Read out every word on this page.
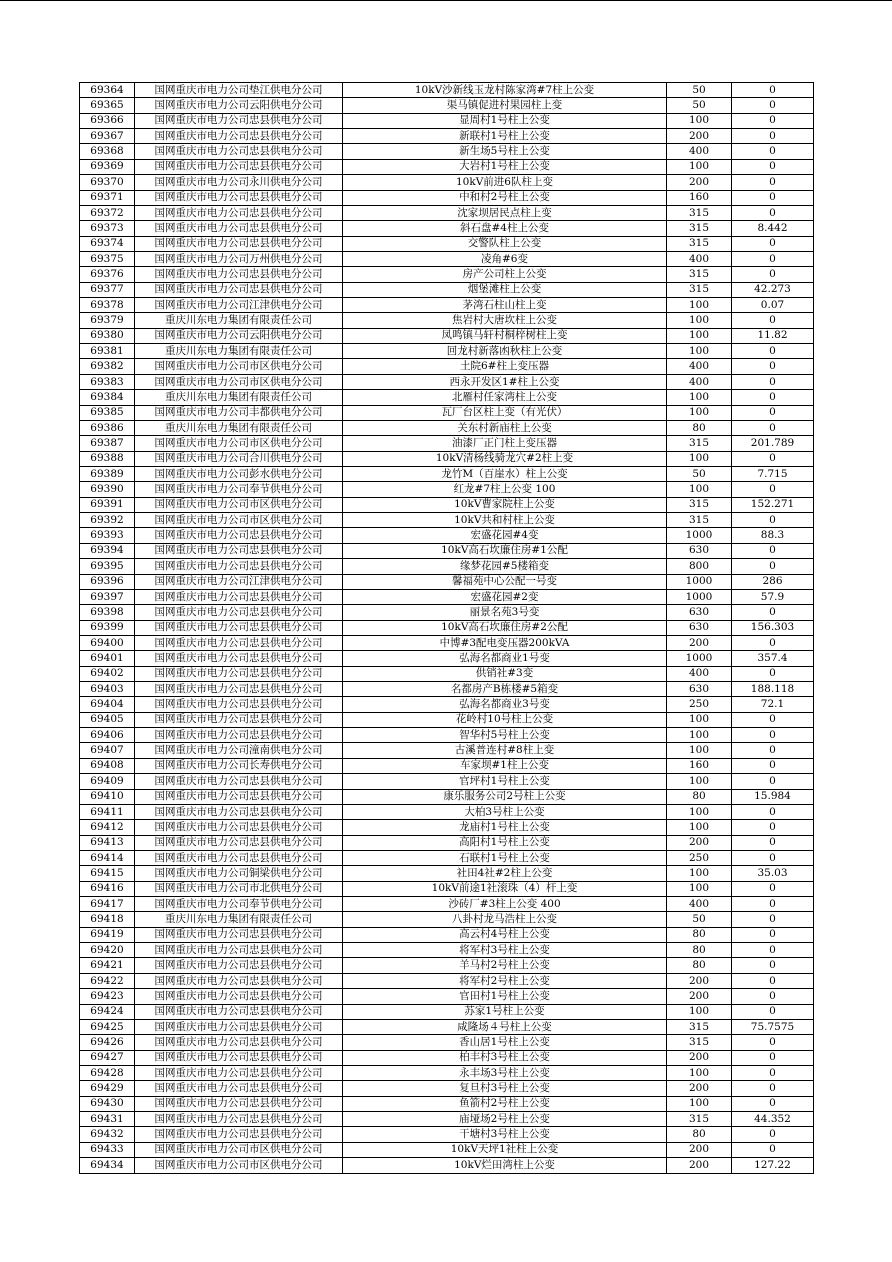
69364	国网重庆市电力公司垫江供电分公司	10kV沙新线玉龙村陈家湾#7柱上公变	50	0
69365	国网重庆市电力公司云阳供电分公司	渠马镇促进村果园柱上变	50	0
69366	国网重庆市电力公司忠县供电分公司	显周村1号柱上公变	100	0
69367	国网重庆市电力公司忠县供电分公司	新联村1号柱上公变	200	0
69368	国网重庆市电力公司忠县供电分公司	新生场5号柱上公变	400	0
69369	国网重庆市电力公司忠县供电分公司	大岩村1号柱上公变	100	0
69370	国网重庆市电力公司永川供电分公司	10kV前进6队柱上变	200	0
69371	国网重庆市电力公司忠县供电分公司	中和村2号柱上公变	160	0
69372	国网重庆市电力公司忠县供电分公司	沈家坝居民点柱上变	315	0
69373	国网重庆市电力公司忠县供电分公司	斜石盘#4柱上公变	315	8.442
69374	国网重庆市电力公司忠县供电分公司	交警队柱上公变	315	0
69375	国网重庆市电力公司万州供电分公司	凌角#6变	400	0
69376	国网重庆市电力公司忠县供电分公司	房产公司柱上公变	315	0
69377	国网重庆市电力公司忠县供电分公司	烟堡滩柱上公变	315	42.273
69378	国网重庆市电力公司江津供电分公司	茅湾石柱山柱上变	100	0.07
69379	重庆川东电力集团有限责任公司	焦岩村大唐坎柱上公变	100	0
69380	国网重庆市电力公司云阳供电分公司	凤鸣镇马轩村桐梓树柱上变	100	11.82
69381	重庆川东电力集团有限责任公司	回龙村新落凼秋柱上公变	100	0
69382	国网重庆市电力公司市区供电分公司	土院6#柱上变压器	400	0
69383	国网重庆市电力公司市区供电分公司	西永开发区1#柱上公变	400	0
69384	重庆川东电力集团有限责任公司	北雁村任家湾柱上公变	100	0
69385	国网重庆市电力公司丰都供电分公司	瓦厂台区柱上变（有光伏）	100	0
69386	重庆川东电力集团有限责任公司	关东村新庙柱上公变	80	0
69387	国网重庆市电力公司市区供电分公司	油漆厂正门柱上变压器	315	201.789
69388	国网重庆市电力公司合川供电分公司	10kV清杨线骑龙穴#2柱上变	100	0
69389	国网重庆市电力公司彭水供电分公司	龙竹M（百崖水）柱上公变	50	7.715
69390	国网重庆市电力公司奉节供电分公司	红龙#7柱上公变 100	100	0
69391	国网重庆市电力公司市区供电分公司	10kV曹家院柱上公变	315	152.271
69392	国网重庆市电力公司市区供电分公司	10kV共和村柱上公变	315	0
69393	国网重庆市电力公司忠县供电分公司	宏盛花园#4变	1000	88.3
69394	国网重庆市电力公司忠县供电分公司	10kV高石坎廉住房#1公配	630	0
69395	国网重庆市电力公司忠县供电分公司	缘梦花园#5楼箱变	800	0
69396	国网重庆市电力公司江津供电分公司	馨福苑中心公配一号变	1000	286
69397	国网重庆市电力公司忠县供电分公司	宏盛花园#2变	1000	57.9
69398	国网重庆市电力公司忠县供电分公司	丽景名苑3号变	630	0
69399	国网重庆市电力公司忠县供电分公司	10kV高石坎廉住房#2公配	630	156.303
69400	国网重庆市电力公司忠县供电分公司	中博#3配电变压器200kVA	200	0
69401	国网重庆市电力公司忠县供电分公司	弘海名都商业1号变	1000	357.4
69402	国网重庆市电力公司忠县供电分公司	供销社#3变	400	0
69403	国网重庆市电力公司忠县供电分公司	名都房产B栋楼#5箱变	630	188.118
69404	国网重庆市电力公司忠县供电分公司	弘海名都商业3号变	250	72.1
69405	国网重庆市电力公司忠县供电分公司	花岭村10号柱上公变	100	0
69406	国网重庆市电力公司忠县供电分公司	智华村5号柱上公变	100	0
69407	国网重庆市电力公司潼南供电分公司	古溪普连村#8柱上变	100	0
69408	国网重庆市电力公司长寿供电分公司	车家坝#1柱上公变	160	0
69409	国网重庆市电力公司忠县供电分公司	官坪村1号柱上公变	100	0
69410	国网重庆市电力公司忠县供电分公司	康乐服务公司2号柱上公变	80	15.984
69411	国网重庆市电力公司忠县供电分公司	大柏3号柱上公变	100	0
69412	国网重庆市电力公司忠县供电分公司	龙庙村1号柱上公变	100	0
69413	国网重庆市电力公司忠县供电分公司	高阳村1号柱上公变	200	0
69414	国网重庆市电力公司忠县供电分公司	石联村1号柱上公变	250	0
69415	国网重庆市电力公司铜梁供电分公司	社田4社#2柱上公变	100	35.03
69416	国网重庆市电力公司市北供电分公司	10kV前途1社滚珠（4）杆上变	100	0
69417	国网重庆市电力公司奉节供电分公司	沙砖厂#3柱上公变 400	400	0
69418	重庆川东电力集团有限责任公司	八卦村龙马浩柱上公变	50	0
69419	国网重庆市电力公司忠县供电分公司	高云村4号柱上公变	80	0
69420	国网重庆市电力公司忠县供电分公司	将军村3号柱上公变	80	0
69421	国网重庆市电力公司忠县供电分公司	羊马村2号柱上公变	80	0
69422	国网重庆市电力公司忠县供电分公司	将军村2号柱上公变	200	0
69423	国网重庆市电力公司忠县供电分公司	官田村1号柱上公变	200	0
69424	国网重庆市电力公司忠县供电分公司	苏家1号柱上公变	100	0
69425	国网重庆市电力公司忠县供电分公司	咸隆场４号柱上公变	315	75.7575
69426	国网重庆市电力公司忠县供电分公司	香山居1号柱上公变	315	0
69427	国网重庆市电力公司忠县供电分公司	柏丰村3号柱上公变	200	0
69428	国网重庆市电力公司忠县供电分公司	永丰场3号柱上公变	100	0
69429	国网重庆市电力公司忠县供电分公司	复旦村3号柱上公变	200	0
69430	国网重庆市电力公司忠县供电分公司	鱼箭村2号柱上公变	100	0
69431	国网重庆市电力公司忠县供电分公司	庙垭场2号柱上公变	315	44.352
69432	国网重庆市电力公司忠县供电分公司	干塘村3号柱上公变	80	0
69433	国网重庆市电力公司市区供电分公司	10kV天坪1社柱上公变	200	0
69434	国网重庆市电力公司市区供电分公司	10kV烂田湾柱上公变	200	127.22
